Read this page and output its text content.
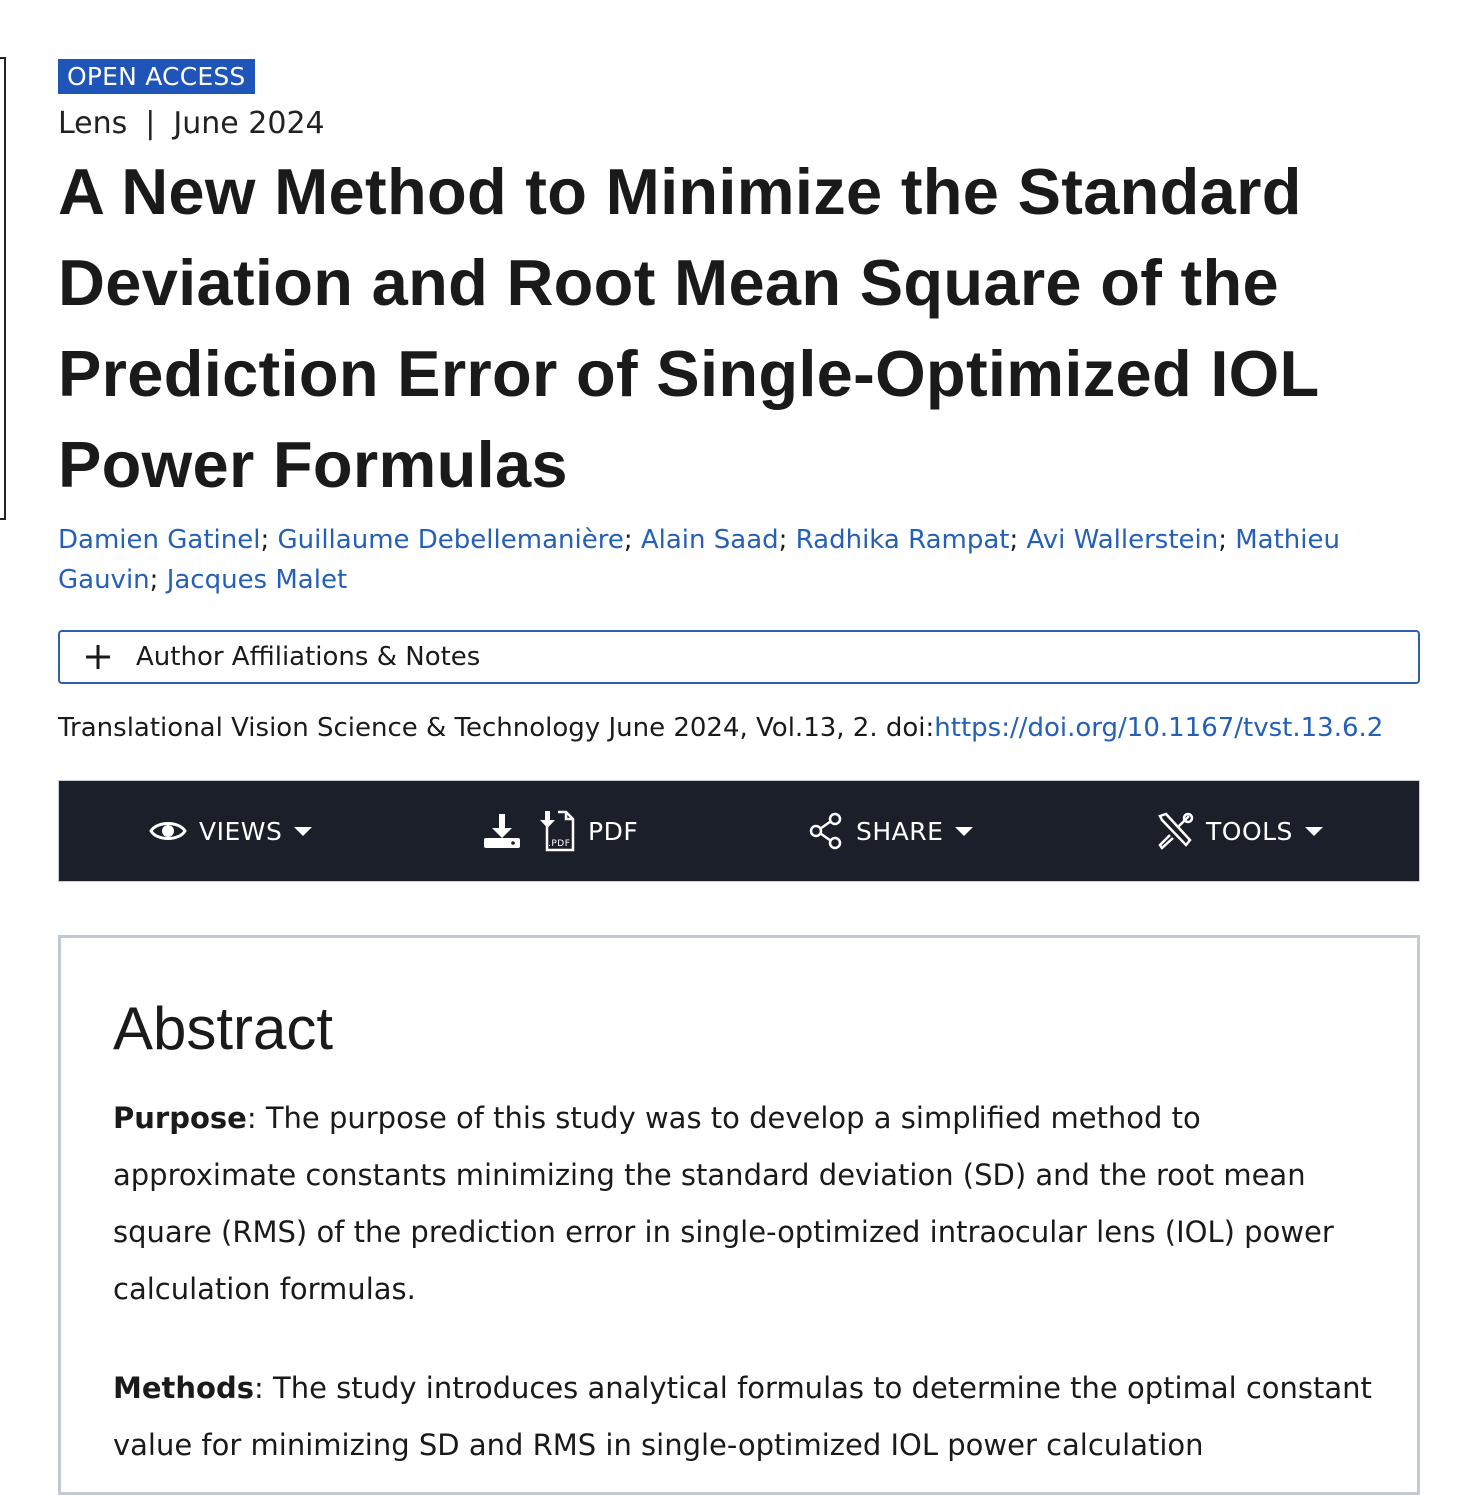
OPEN ACCESS
Lens | June 2024
A New Method to Minimize the Standard Deviation and Root Mean Square of the Prediction Error of Single-Optimized IOL Power Formulas
Damien Gatinel; Guillaume Debellemanière; Alain Saad; Radhika Rampat; Avi Wallerstein; Mathieu Gauvin; Jacques Malet
Author Affiliations & Notes
Translational Vision Science & Technology June 2024, Vol.13, 2. doi:https://doi.org/10.1167/tvst.13.6.2
VIEWS	.PDF PDF	SHARE	TOOLS
Abstract

Purpose: The purpose of this study was to develop a simplified method to approximate constants minimizing the standard deviation (SD) and the root mean square (RMS) of the prediction error in single-optimized intraocular lens (IOL) power calculation formulas.

Methods: The study introduces analytical formulas to determine the optimal constant value for minimizing SD and RMS in single-optimized IOL power calculation
